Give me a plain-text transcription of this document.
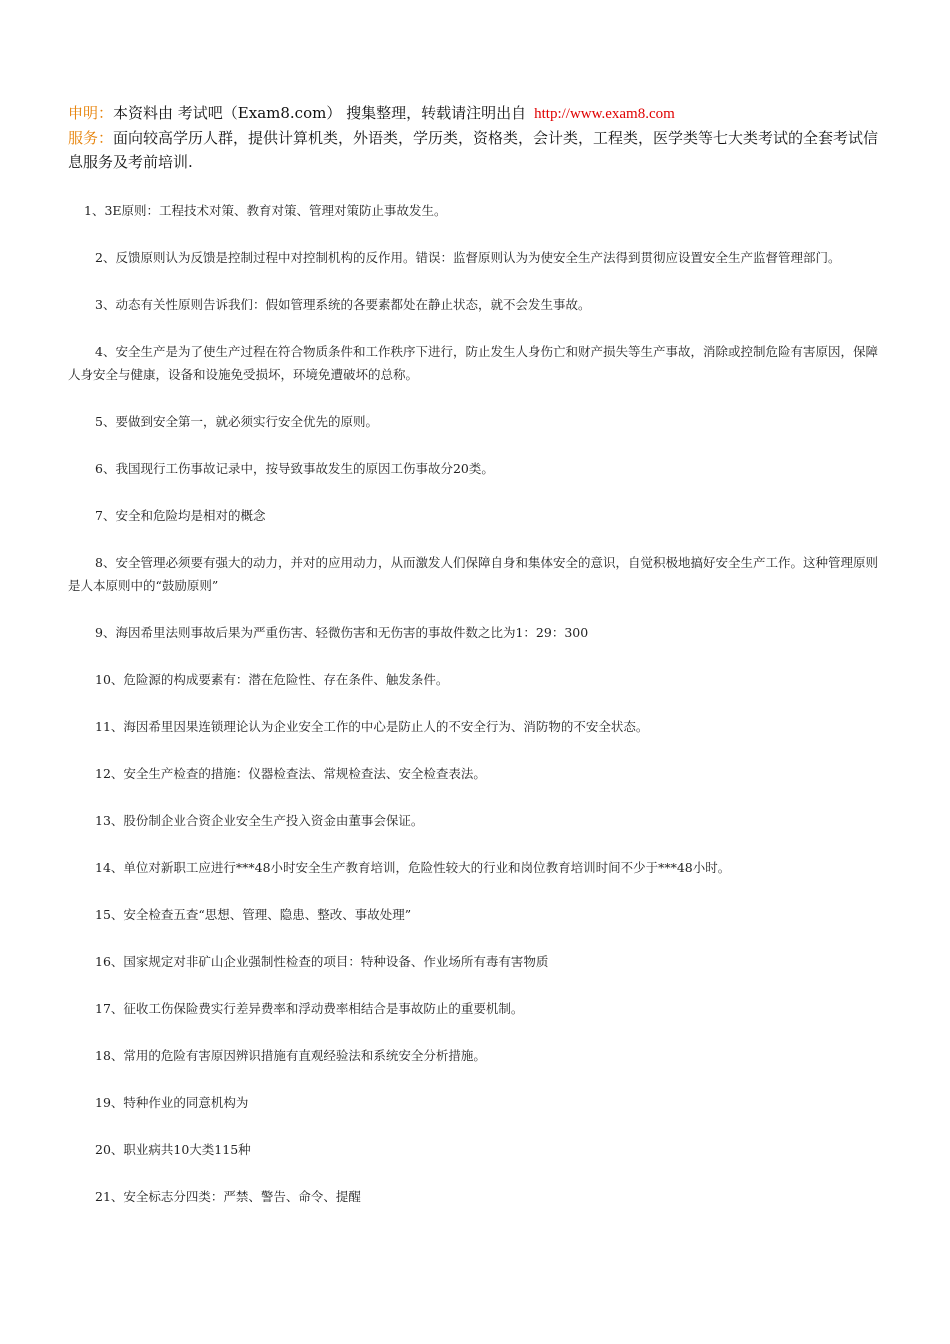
申明：本资料由 考试吧（Exam8.com） 搜集整理，转载请注明出自 http://www.exam8.com

服务：面向较高学历人群，提供计算机类，外语类，学历类，资格类，会计类，工程类，医学类等七大类考试的全套考试信息服务及考前培训.

1、3E原则：工程技术对策、教育对策、管理对策防止事故发生。

2、反馈原则认为反馈是控制过程中对控制机构的反作用。错误：监督原则认为为使安全生产法得到贯彻应设置安全生产监督管理部门。

3、动态有关性原则告诉我们：假如管理系统的各要素都处在静止状态，就不会发生事故。

4、安全生产是为了使生产过程在符合物质条件和工作秩序下进行，防止发生人身伤亡和财产损失等生产事故，消除或控制危险有害原因，保障人身安全与健康，设备和设施免受损坏，环境免遭破坏的总称。

5、要做到安全第一，就必须实行安全优先的原则。

6、我国现行工伤事故记录中，按导致事故发生的原因工伤事故分20类。

7、安全和危险均是相对的概念

8、安全管理必须要有强大的动力，并对的应用动力，从而激发人们保障自身和集体安全的意识，自觉积极地搞好安全生产工作。这种管理原则是人本原则中的“鼓励原则”

9、海因希里法则事故后果为严重伤害、轻微伤害和无伤害的事故件数之比为1：29：300

10、危险源的构成要素有：潜在危险性、存在条件、触发条件。

11、海因希里因果连锁理论认为企业安全工作的中心是防止人的不安全行为、消防物的不安全状态。

12、安全生产检查的措施：仪器检查法、常规检查法、安全检查表法。

13、股份制企业合资企业安全生产投入资金由董事会保证。

14、单位对新职工应进行***48小时安全生产教育培训，危险性较大的行业和岗位教育培训时间不少于***48小时。

15、安全检查五查“思想、管理、隐患、整改、事故处理”

16、国家规定对非矿山企业强制性检查的项目：特种设备、作业场所有毒有害物质

17、征收工伤保险费实行差异费率和浮动费率相结合是事故防止的重要机制。

18、常用的危险有害原因辨识措施有直观经验法和系统安全分析措施。

19、特种作业的同意机构为

20、职业病共10大类115种

21、安全标志分四类：严禁、警告、命令、提醒
